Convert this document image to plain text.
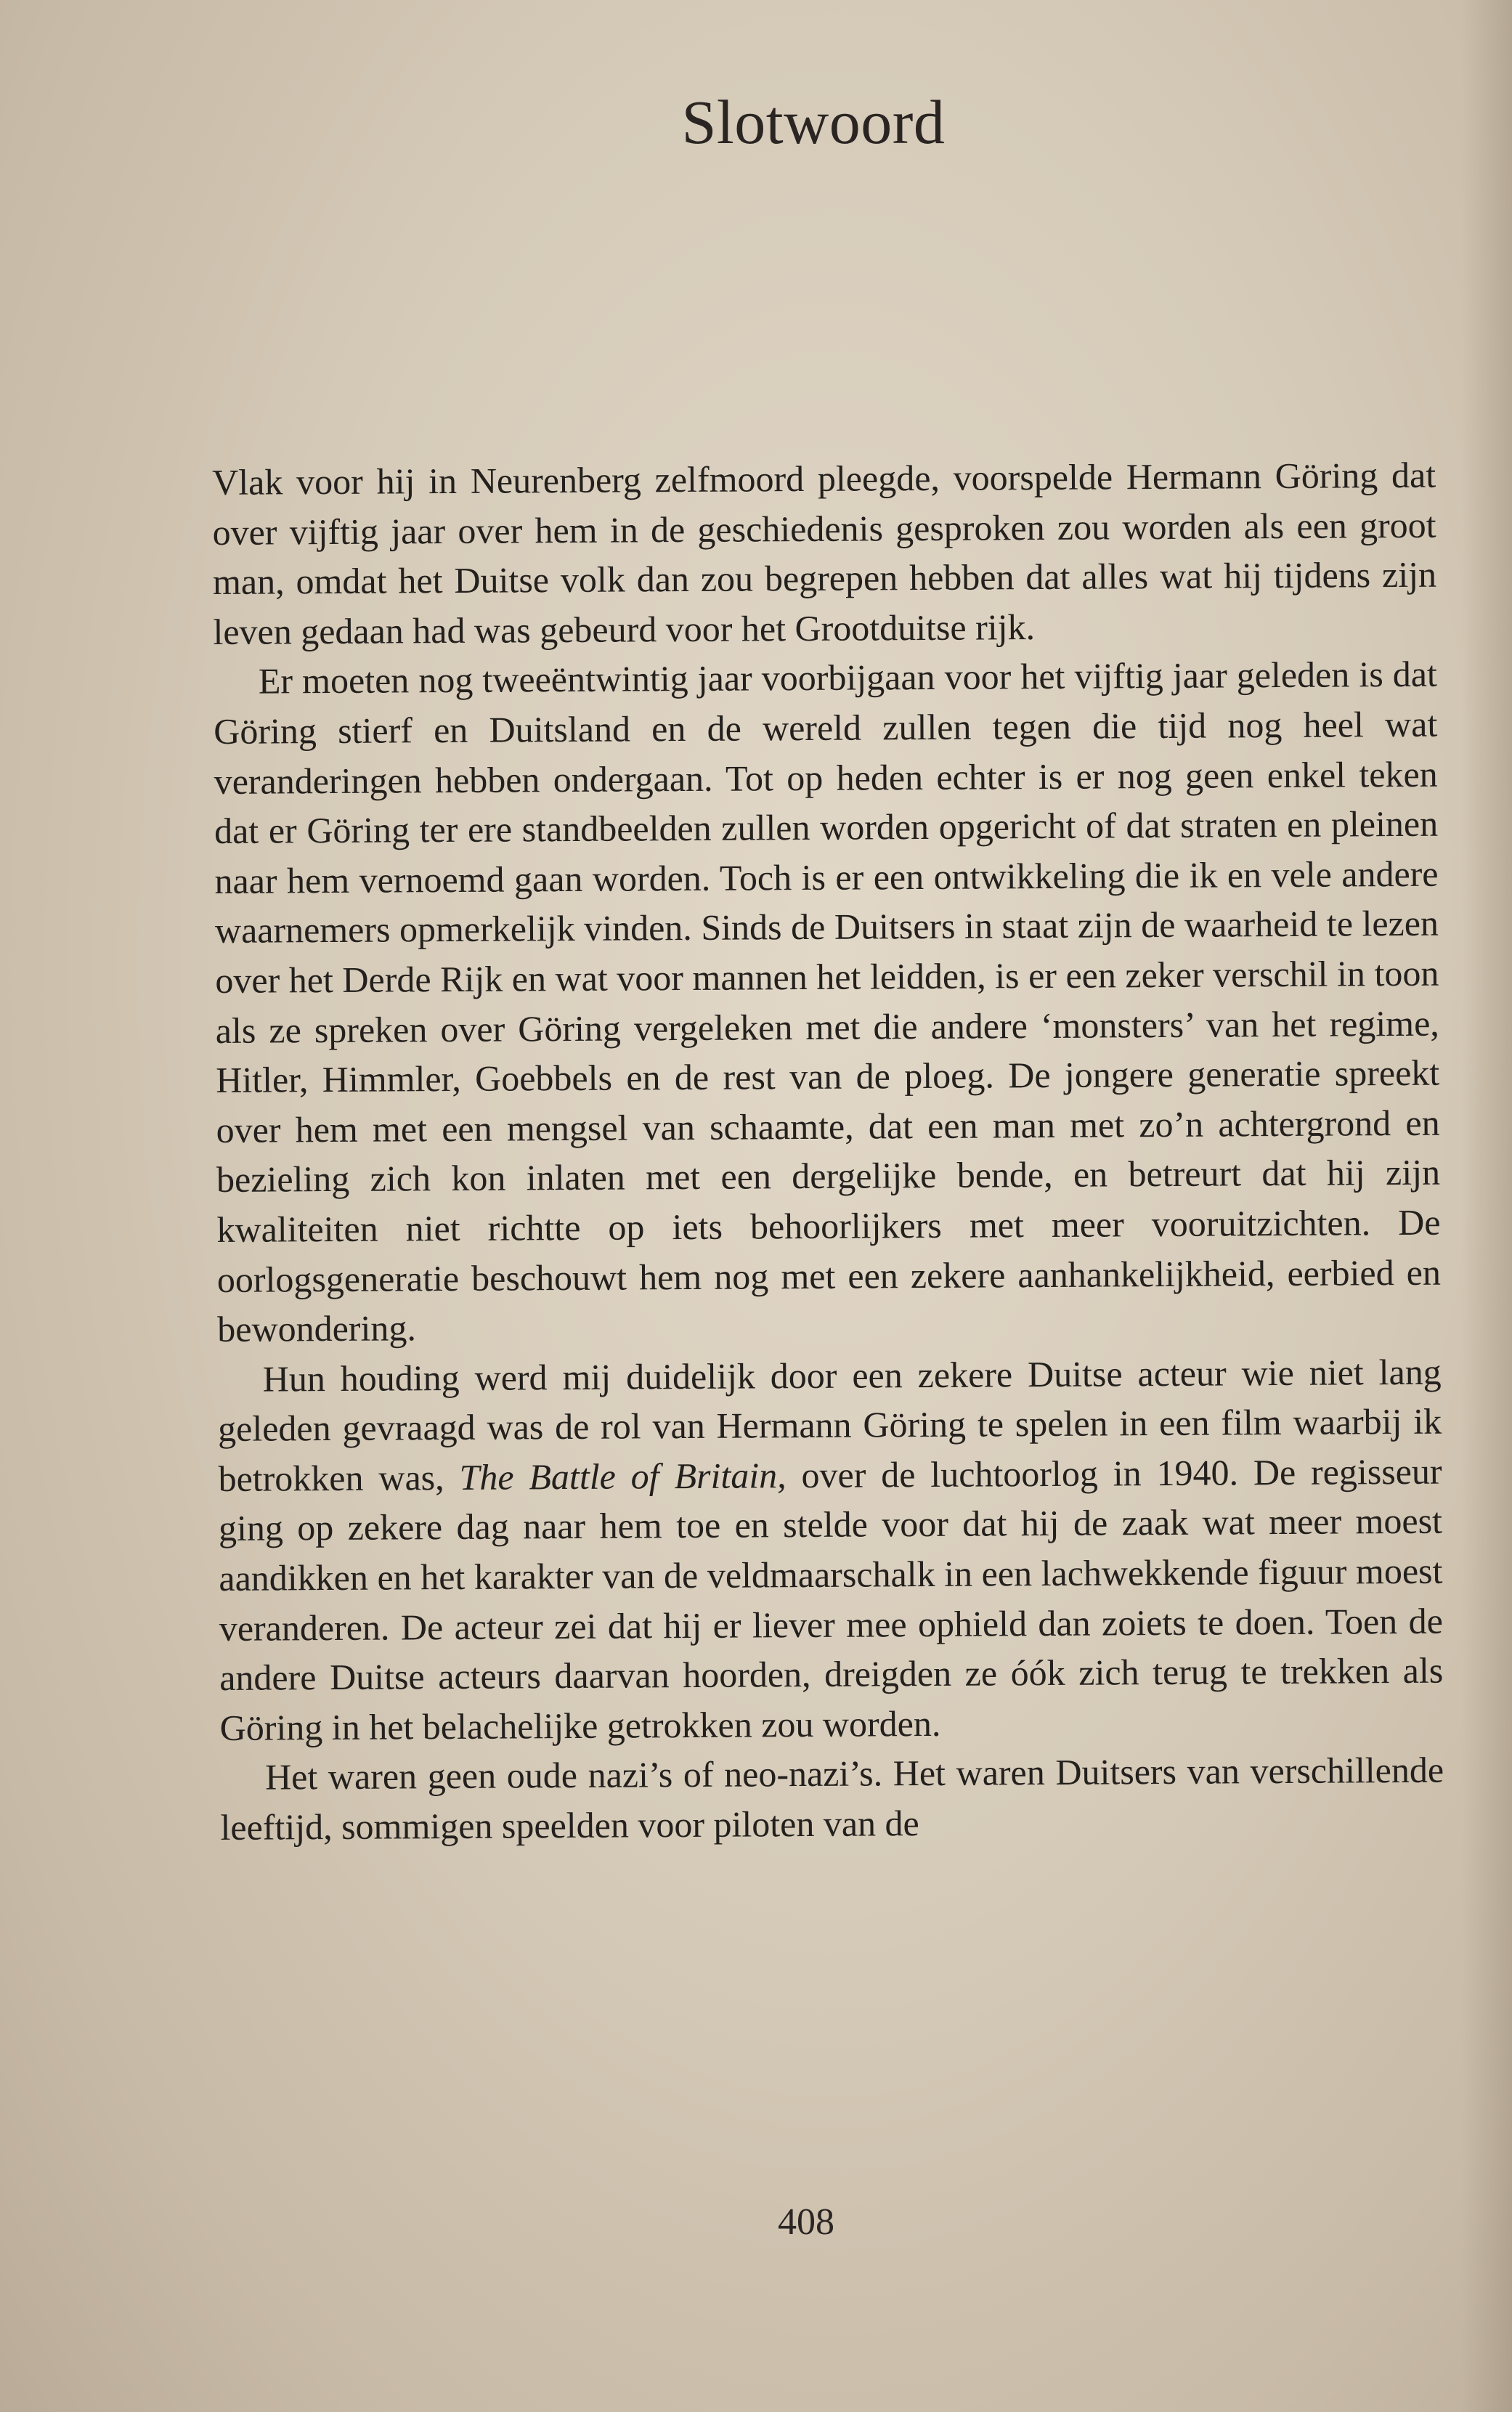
Slotwoord

Vlak voor hij in Neurenberg zelfmoord pleegde, voorspelde Hermann Göring dat over vijftig jaar over hem in de geschiedenis gesproken zou worden als een groot man, omdat het Duitse volk dan zou begrepen hebben dat alles wat hij tijdens zijn leven gedaan had was gebeurd voor het Grootduitse rijk.

Er moeten nog tweeëntwintig jaar voorbijgaan voor het vijftig jaar geleden is dat Göring stierf en Duitsland en de wereld zullen tegen die tijd nog heel wat veranderingen hebben ondergaan. Tot op heden echter is er nog geen enkel teken dat er Göring ter ere standbeelden zullen worden opgericht of dat straten en pleinen naar hem vernoemd gaan worden. Toch is er een ontwikkeling die ik en vele andere waarnemers opmerkelijk vinden. Sinds de Duitsers in staat zijn de waarheid te lezen over het Derde Rijk en wat voor mannen het leidden, is er een zeker verschil in toon als ze spreken over Göring vergeleken met die andere ‘monsters’ van het regime, Hitler, Himmler, Goebbels en de rest van de ploeg. De jongere generatie spreekt over hem met een mengsel van schaamte, dat een man met zo’n achtergrond en bezieling zich kon inlaten met een dergelijke bende, en betreurt dat hij zijn kwaliteiten niet richtte op iets behoorlijkers met meer vooruitzichten. De oorlogsgeneratie beschouwt hem nog met een zekere aanhankelijkheid, eerbied en bewondering.

Hun houding werd mij duidelijk door een zekere Duitse acteur wie niet lang geleden gevraagd was de rol van Hermann Göring te spelen in een film waarbij ik betrokken was, The Battle of Britain, over de luchtoorlog in 1940. De regisseur ging op zekere dag naar hem toe en stelde voor dat hij de zaak wat meer moest aandikken en het karakter van de veldmaarschalk in een lachwekkende figuur moest veranderen. De acteur zei dat hij er liever mee ophield dan zoiets te doen. Toen de andere Duitse acteurs daarvan hoorden, dreigden ze óók zich terug te trekken als Göring in het belachelijke getrokken zou worden.

Het waren geen oude nazi’s of neo-nazi’s. Het waren Duitsers van verschillende leeftijd, sommigen speelden voor piloten van de

408
